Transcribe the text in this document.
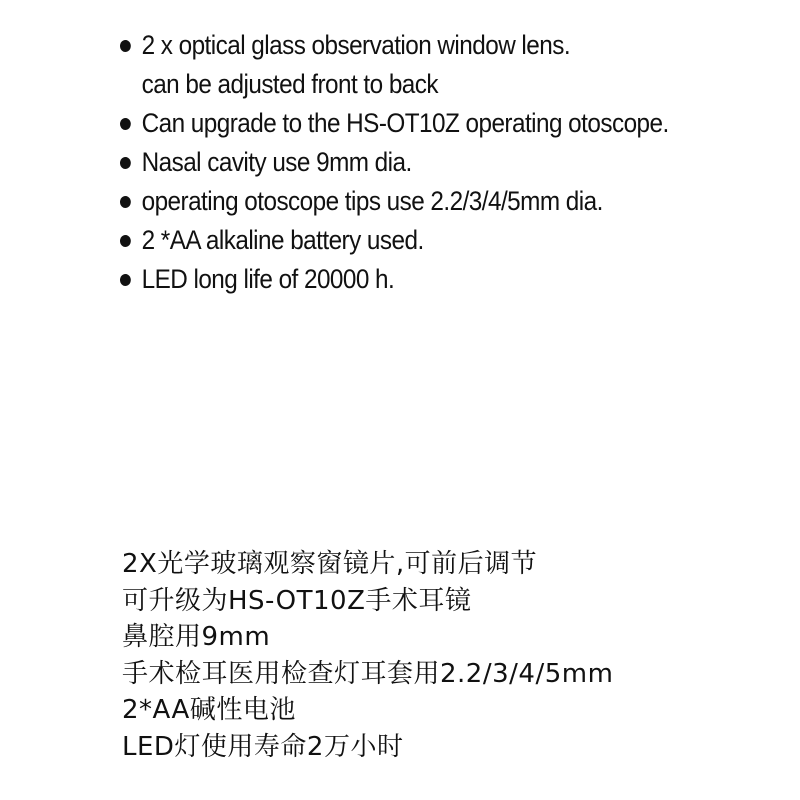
2 x optical glass observation window lens.
can be adjusted front to back
Can upgrade to the HS-OT10Z operating otoscope.
Nasal cavity use 9mm dia.
operating otoscope tips use 2.2/3/4/5mm dia.
2 *AA alkaline battery used.
LED long life of 20000 h.
2X光学玻璃观察窗镜片,可前后调节
可升级为HS-OT10Z手术耳镜
鼻腔用9mm
手术检耳医用检查灯耳套用2.2/3/4/5mm
2*AA碱性电池
LED灯使用寿命2万小时
